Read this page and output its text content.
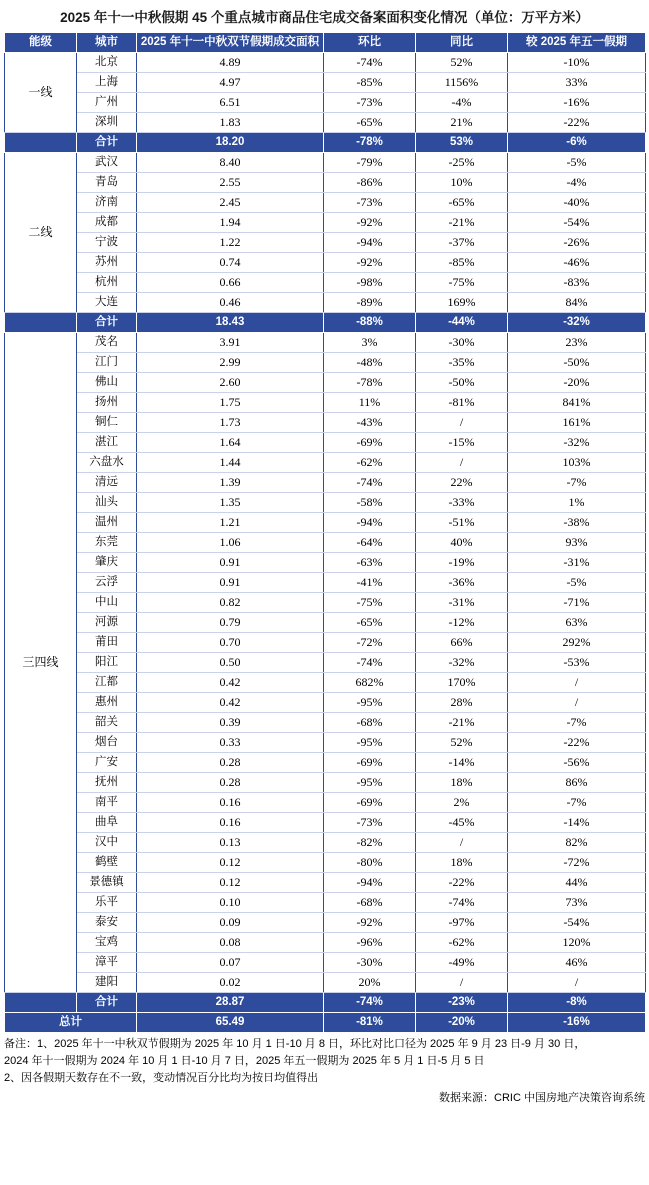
2025 年十一中秋假期 45 个重点城市商品住宅成交备案面积变化情况（单位：万平方米）
能级	城市	2025 年十一中秋双节假期成交面积	环比	同比	较 2025 年五一假期
一线	北京	4.89	-74%	52%	-10%
	上海	4.97	-85%	1156%	33%
	广州	6.51	-73%	-4%	-16%
	深圳	1.83	-65%	21%	-22%
	合计	18.20	-78%	53%	-6%
二线	武汉	8.40	-79%	-25%	-5%
	青岛	2.55	-86%	10%	-4%
	济南	2.45	-73%	-65%	-40%
	成都	1.94	-92%	-21%	-54%
	宁波	1.22	-94%	-37%	-26%
	苏州	0.74	-92%	-85%	-46%
	杭州	0.66	-98%	-75%	-83%
	大连	0.46	-89%	169%	84%
	合计	18.43	-88%	-44%	-32%
三四线	茂名	3.91	3%	-30%	23%
	江门	2.99	-48%	-35%	-50%
	佛山	2.60	-78%	-50%	-20%
	扬州	1.75	11%	-81%	841%
	铜仁	1.73	-43%	/	161%
	湛江	1.64	-69%	-15%	-32%
	六盘水	1.44	-62%	/	103%
	清远	1.39	-74%	22%	-7%
	汕头	1.35	-58%	-33%	1%
	温州	1.21	-94%	-51%	-38%
	东莞	1.06	-64%	40%	93%
	肇庆	0.91	-63%	-19%	-31%
	云浮	0.91	-41%	-36%	-5%
	中山	0.82	-75%	-31%	-71%
	河源	0.79	-65%	-12%	63%
	莆田	0.70	-72%	66%	292%
	阳江	0.50	-74%	-32%	-53%
	江都	0.42	682%	170%	/
	惠州	0.42	-95%	28%	/
	韶关	0.39	-68%	-21%	-7%
	烟台	0.33	-95%	52%	-22%
	广安	0.28	-69%	-14%	-56%
	抚州	0.28	-95%	18%	86%
	南平	0.16	-69%	2%	-7%
	曲阜	0.16	-73%	-45%	-14%
	汉中	0.13	-82%	/	82%
	鹤壁	0.12	-80%	18%	-72%
	景德镇	0.12	-94%	-22%	44%
	乐平	0.10	-68%	-74%	73%
	泰安	0.09	-92%	-97%	-54%
	宝鸡	0.08	-96%	-62%	120%
	漳平	0.07	-30%	-49%	46%
	建阳	0.02	20%	/	/
	合计	28.87	-74%	-23%	-8%
总计		65.49	-81%	-20%	-16%
备注：1、2025 年十一中秋双节假期为 2025 年 10 月 1 日-10 月 8 日，环比对比口径为 2025 年 9 月 23 日-9 月 30 日，
2024 年十一假期为 2024 年 10 月 1 日-10 月 7 日，2025 年五一假期为 2025 年 5 月 1 日-5 月 5 日
2、因各假期天数存在不一致，变动情况百分比均为按日均值得出
数据来源：CRIC 中国房地产决策咨询系统
